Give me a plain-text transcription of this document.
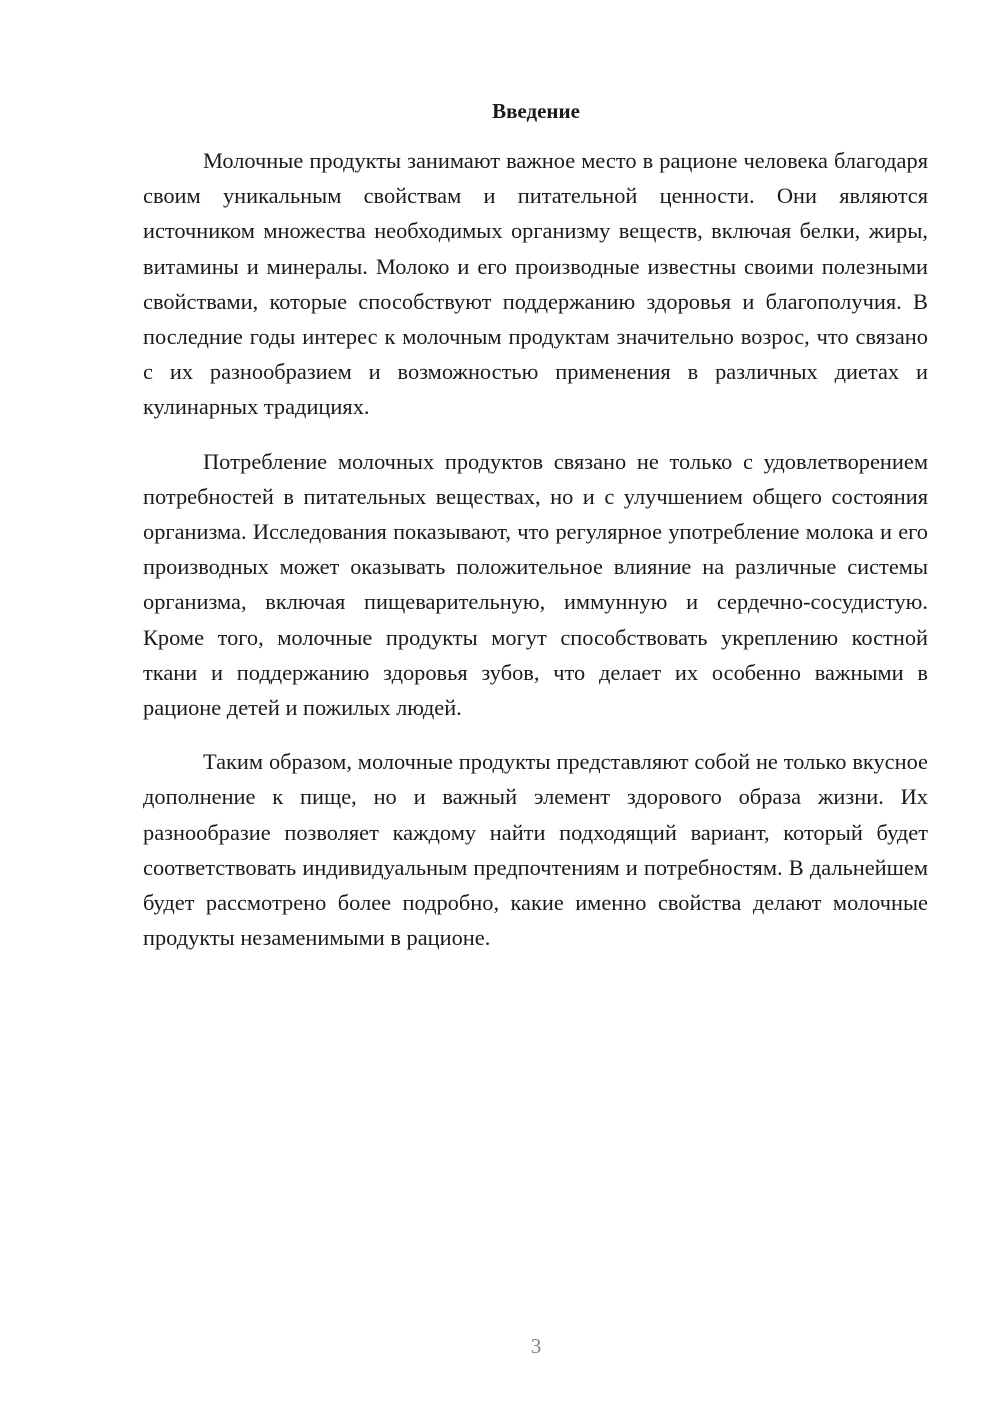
Введение

Молочные продукты занимают важное место в рационе человека благодаря своим уникальным свойствам и питательной ценности. Они являются источником множества необходимых организму веществ, включая белки, жиры, витамины и минералы. Молоко и его производные известны своими полезными свойствами, которые способствуют поддержанию здоровья и благополучия. В последние годы интерес к молочным продуктам значительно возрос, что связано с их разнообразием и возможностью применения в различных диетах и кулинарных традициях.

Потребление молочных продуктов связано не только с удовлетворением потребностей в питательных веществах, но и с улучшением общего состояния организма. Исследования показывают, что регулярное употребление молока и его производных может оказывать положительное влияние на различные системы организма, включая пищеварительную, иммунную и сердечно-сосудистую. Кроме того, молочные продукты могут способствовать укреплению костной ткани и поддержанию здоровья зубов, что делает их особенно важными в рационе детей и пожилых людей.

Таким образом, молочные продукты представляют собой не только вкусное дополнение к пище, но и важный элемент здорового образа жизни. Их разнообразие позволяет каждому найти подходящий вариант, который будет соответствовать индивидуальным предпочтениям и потребностям. В дальнейшем будет рассмотрено более подробно, какие именно свойства делают молочные продукты незаменимыми в рационе.

3
